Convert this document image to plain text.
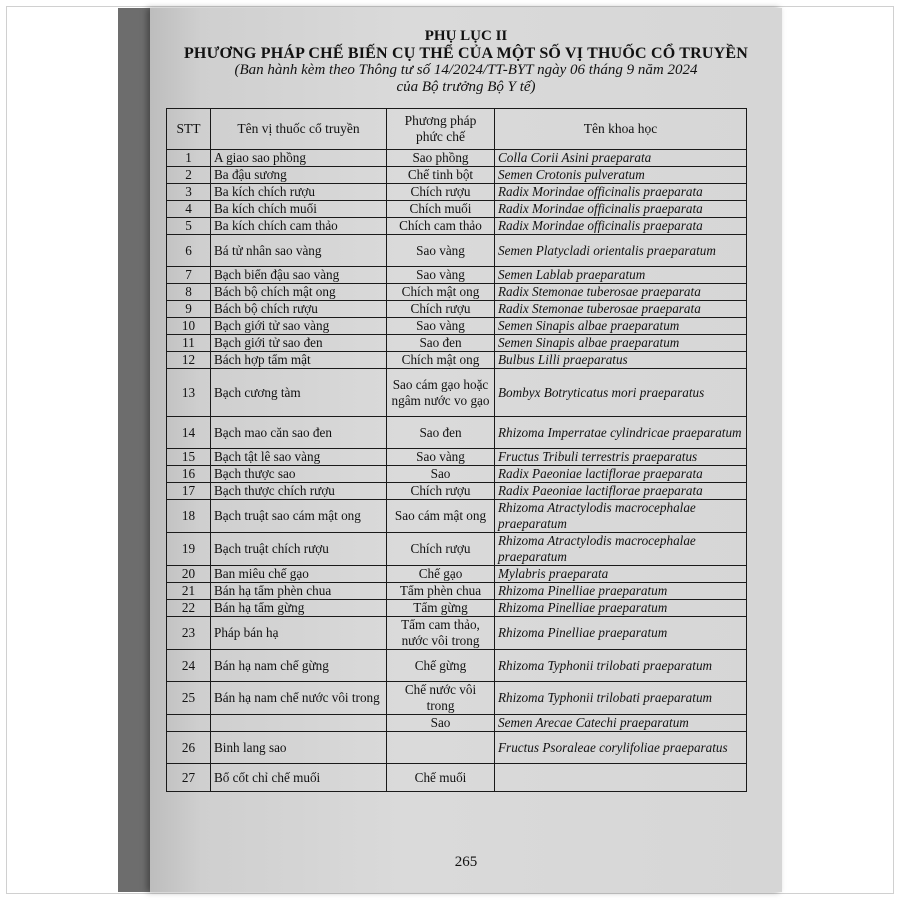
PHỤ LỤC II
PHƯƠNG PHÁP CHẾ BIẾN CỤ THỂ CỦA MỘT SỐ VỊ THUỐC CỔ TRUYỀN
(Ban hành kèm theo Thông tư số 14/2024/TT-BYT ngày 06 tháng 9 năm 2024
của Bộ trưởng Bộ Y tế)
STT	Tên vị thuốc cổ truyền	Phương pháp phức chế	Tên khoa học
1	A giao sao phồng	Sao phồng	Colla Corii Asini praeparata
2	Ba đậu sương	Chế tinh bột	Semen Crotonis pulveratum
3	Ba kích chích rượu	Chích rượu	Radix Morindae officinalis praeparata
4	Ba kích chích muối	Chích muối	Radix Morindae officinalis praeparata
5	Ba kích chích cam thảo	Chích cam thảo	Radix Morindae officinalis praeparata
6	Bá tử nhân sao vàng	Sao vàng	Semen Platycladi orientalis praeparatum
7	Bạch biển đậu sao vàng	Sao vàng	Semen Lablab praeparatum
8	Bách bộ chích mật ong	Chích mật ong	Radix Stemonae tuberosae praeparata
9	Bách bộ chích rượu	Chích rượu	Radix Stemonae tuberosae praeparata
10	Bạch giới tử sao vàng	Sao vàng	Semen Sinapis albae praeparatum
11	Bạch giới tử sao đen	Sao đen	Semen Sinapis albae praeparatum
12	Bách hợp tẩm mật	Chích mật ong	Bulbus Lilli praeparatus
13	Bạch cương tàm	Sao cám gạo hoặc ngâm nước vo gạo	Bombyx Botryticatus mori praeparatus
14	Bạch mao căn sao đen	Sao đen	Rhizoma Imperratae cylindricae praeparatum
15	Bạch tật lê sao vàng	Sao vàng	Fructus Tribuli terrestris praeparatus
16	Bạch thược sao	Sao	Radix Paeoniae lactiflorae praeparata
17	Bạch thược chích rượu	Chích rượu	Radix Paeoniae lactiflorae praeparata
18	Bạch truật sao cám mật ong	Sao cám mật ong	Rhizoma Atractylodis macrocephalae praeparatum
19	Bạch truật chích rượu	Chích rượu	Rhizoma Atractylodis macrocephalae praeparatum
20	Ban miêu chế gạo	Chế gạo	Mylabris praeparata
21	Bán hạ tẩm phèn chua	Tẩm phèn chua	Rhizoma Pinelliae praeparatum
22	Bán hạ tẩm gừng	Tẩm gừng	Rhizoma Pinelliae praeparatum
23	Pháp bán hạ	Tẩm cam thảo, nước vôi trong	Rhizoma Pinelliae praeparatum
24	Bán hạ nam chế gừng	Chế gừng	Rhizoma Typhonii trilobati praeparatum
25	Bán hạ nam chế nước vôi trong	Chế nước vôi trong	Rhizoma Typhonii trilobati praeparatum
		Sao	Semen Arecae Catechi praeparatum
26	Binh lang sao		Fructus Psoraleae corylifoliae praeparatus
27	Bổ cốt chỉ chế muối	Chế muối	
265
